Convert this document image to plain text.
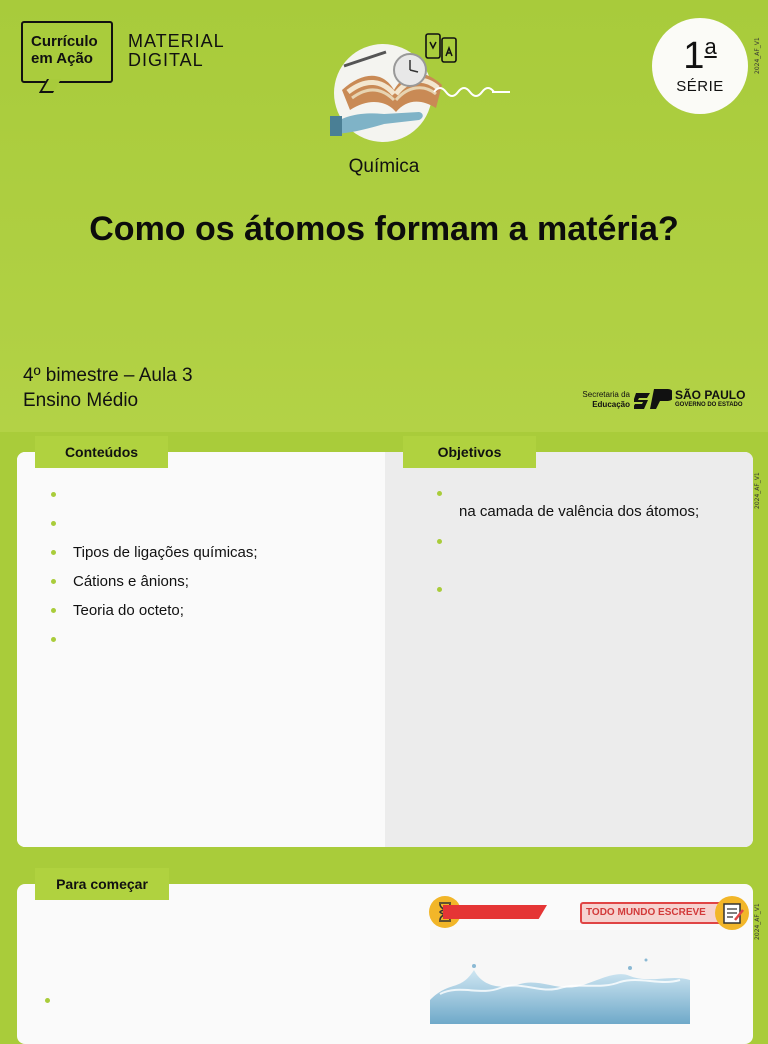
Currículo
em Ação
MATERIAL
DIGITAL	1$^a$
SÉRIE
2024_AF_V1
Química
Como os átomos formam a matéria?
4º bimestre – Aula 3
Ensino Médio	Secretaria da
Educação
SÃO PAULO
GOVERNO DO ESTADO
Tipos de ligações químicas;
Cátions e ânions;
Teoria do octeto;
na camada de valência dos átomos;
Conteúdos	Objetivos
2024_AF_V1
TODO MUNDO ESCREVE
Para começar
2024_AF_V1
